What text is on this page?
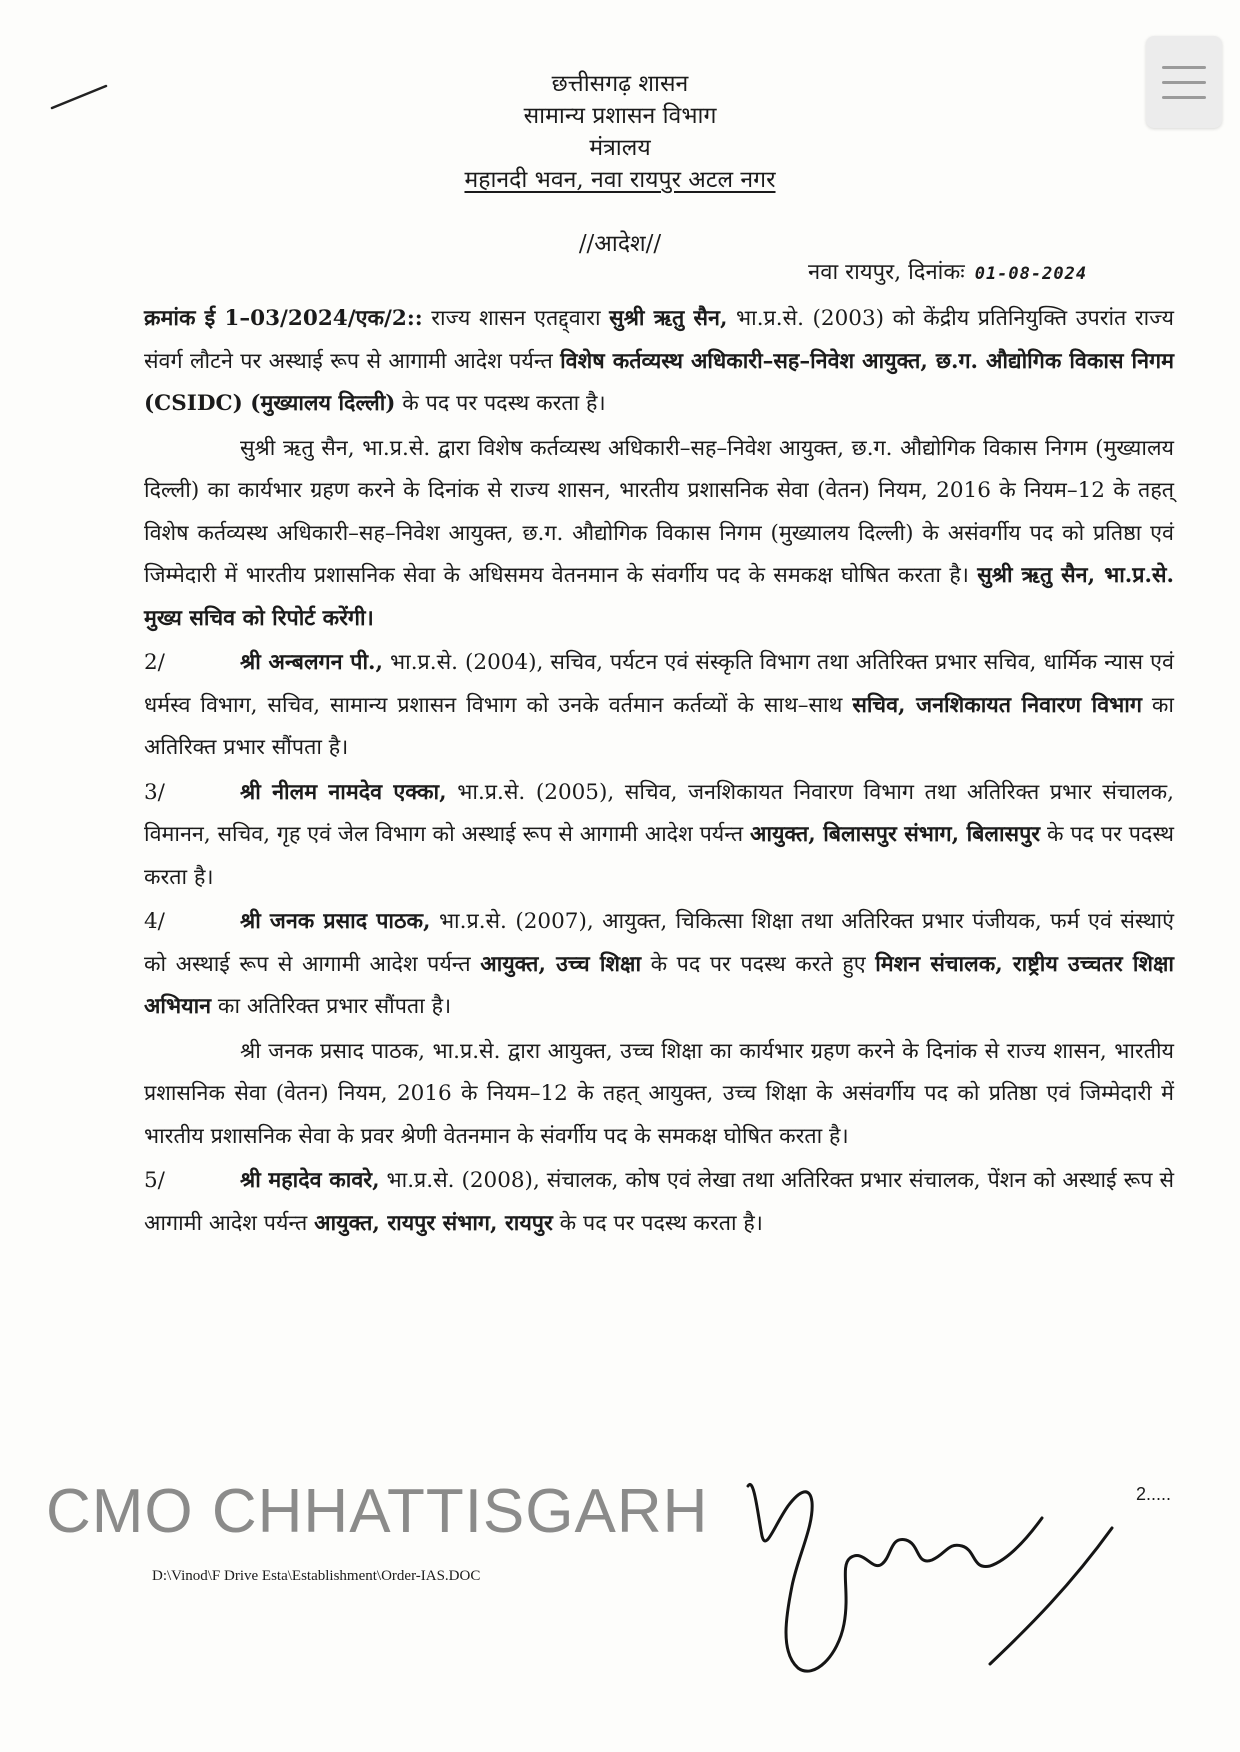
छत्तीसगढ़ शासन
सामान्य प्रशासन विभाग
मंत्रालय
महानदी भवन, नवा रायपुर अटल नगर
//आदेश//
नवा रायपुर, दिनांकः 01-08-2024

क्रमांक ई 1–03/2024/एक/2:: राज्य शासन एतद्द्वारा सुश्री ऋतु सैन, भा.प्र.से. (2003) को केंद्रीय प्रतिनियुक्ति उपरांत राज्य संवर्ग लौटने पर अस्थाई रूप से आगामी आदेश पर्यन्त विशेष कर्तव्यस्थ अधिकारी–सह–निवेश आयुक्त, छ.ग. औद्योगिक विकास निगम (CSIDC) (मुख्यालय दिल्ली) के पद पर पदस्थ करता है।

सुश्री ऋतु सैन, भा.प्र.से. द्वारा विशेष कर्तव्यस्थ अधिकारी–सह–निवेश आयुक्त, छ.ग. औद्योगिक विकास निगम (मुख्यालय दिल्ली) का कार्यभार ग्रहण करने के दिनांक से राज्य शासन, भारतीय प्रशासनिक सेवा (वेतन) नियम, 2016 के नियम–12 के तहत् विशेष कर्तव्यस्थ अधिकारी–सह–निवेश आयुक्त, छ.ग. औद्योगिक विकास निगम (मुख्यालय दिल्ली) के असंवर्गीय पद को प्रतिष्ठा एवं जिम्मेदारी में भारतीय प्रशासनिक सेवा के अधिसमय वेतनमान के संवर्गीय पद के समकक्ष घोषित करता है। सुश्री ऋतु सैन, भा.प्र.से. मुख्य सचिव को रिपोर्ट करेंगी।

2/	श्री अन्बलगन पी., भा.प्र.से. (2004), सचिव, पर्यटन एवं संस्कृति विभाग तथा अतिरिक्त प्रभार सचिव, धार्मिक न्यास एवं धर्मस्व विभाग, सचिव, सामान्य प्रशासन विभाग को उनके वर्तमान कर्तव्यों के साथ–साथ सचिव, जनशिकायत निवारण विभाग का अतिरिक्त प्रभार सौंपता है।

3/	श्री नीलम नामदेव एक्का, भा.प्र.से. (2005), सचिव, जनशिकायत निवारण विभाग तथा अतिरिक्त प्रभार संचालक, विमानन, सचिव, गृह एवं जेल विभाग को अस्थाई रूप से आगामी आदेश पर्यन्त आयुक्त, बिलासपुर संभाग, बिलासपुर के पद पर पदस्थ करता है।

4/	श्री जनक प्रसाद पाठक, भा.प्र.से. (2007), आयुक्त, चिकित्सा शिक्षा तथा अतिरिक्त प्रभार पंजीयक, फर्म एवं संस्थाएं को अस्थाई रूप से आगामी आदेश पर्यन्त आयुक्त, उच्च शिक्षा के पद पर पदस्थ करते हुए मिशन संचालक, राष्ट्रीय उच्चतर शिक्षा अभियान का अतिरिक्त प्रभार सौंपता है।

श्री जनक प्रसाद पाठक, भा.प्र.से. द्वारा आयुक्त, उच्च शिक्षा का कार्यभार ग्रहण करने के दिनांक से राज्य शासन, भारतीय प्रशासनिक सेवा (वेतन) नियम, 2016 के नियम–12 के तहत् आयुक्त, उच्च शिक्षा के असंवर्गीय पद को प्रतिष्ठा एवं जिम्मेदारी में भारतीय प्रशासनिक सेवा के प्रवर श्रेणी वेतनमान के संवर्गीय पद के समकक्ष घोषित करता है।

5/	श्री महादेव कावरे, भा.प्र.से. (2008), संचालक, कोष एवं लेखा तथा अतिरिक्त प्रभार संचालक, पेंशन को अस्थाई रूप से आगामी आदेश पर्यन्त आयुक्त, रायपुर संभाग, रायपुर के पद पर पदस्थ करता है।

CMO CHHATTISGARH	2.....
D:\Vinod\F Drive Esta\Establishment\Order-IAS.DOC
